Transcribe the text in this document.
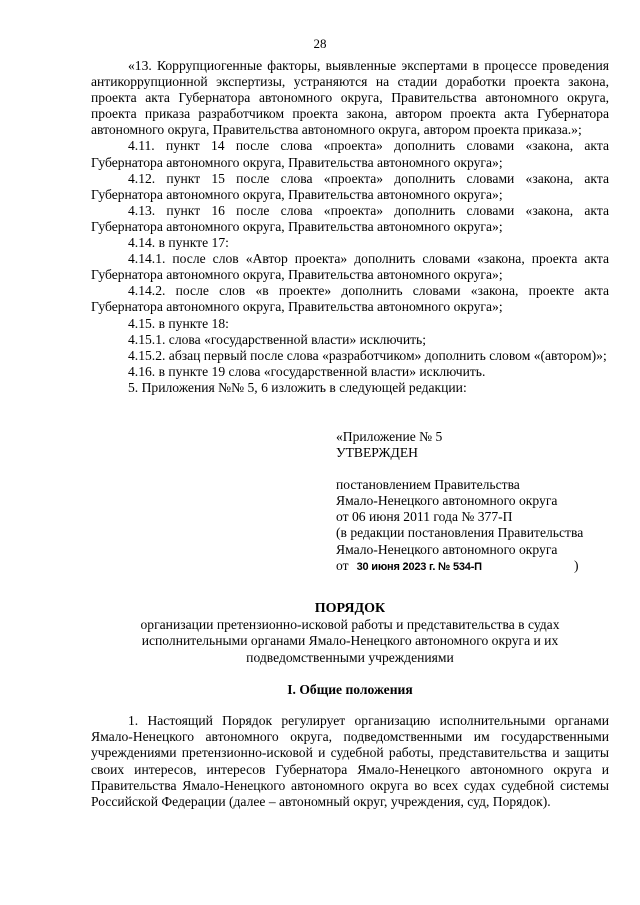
28

«13. Коррупциогенные факторы, выявленные экспертами в процессе проведения антикоррупционной экспертизы, устраняются на стадии доработки проекта закона, проекта акта Губернатора автономного округа, Правительства автономного округа, проекта приказа разработчиком проекта закона, автором проекта акта Губернатора автономного округа, Правительства автономного округа, автором проекта приказа.»;

4.11. пункт 14 после слова «проекта» дополнить словами «закона, акта Губернатора автономного округа, Правительства автономного округа»;

4.12. пункт 15 после слова «проекта» дополнить словами «закона, акта Губернатора автономного округа, Правительства автономного округа»;

4.13. пункт 16 после слова «проекта» дополнить словами «закона, акта Губернатора автономного округа, Правительства автономного округа»;

4.14. в пункте 17:

4.14.1. после слов «Автор проекта» дополнить словами «закона, проекта акта Губернатора автономного округа, Правительства автономного округа»;

4.14.2. после слов «в проекте» дополнить словами «закона, проекте акта Губернатора автономного округа, Правительства автономного округа»;

4.15. в пункте 18:

4.15.1. слова «государственной власти» исключить;

4.15.2. абзац первый после слова «разработчиком» дополнить словом «(автором)»;

4.16. в пункте 19 слова «государственной власти» исключить.

5. Приложения №№ 5, 6 изложить в следующей редакции:

«Приложение № 5
УТВЕРЖДЕН
постановлением Правительства
Ямало-Ненецкого автономного округа
от 06 июня 2011 года № 377-П
(в редакции постановления Правительства
Ямало-Ненецкого автономного округа
от 30 июня 2023 г. № 534-П	)
ПОРЯДОК
организации претензионно-исковой работы и представительства в судах исполнительными органами Ямало-Ненецкого автономного округа и их подведомственными учреждениями
I. Общие положения

1. Настоящий Порядок регулирует организацию исполнительными органами Ямало-Ненецкого автономного округа, подведомственными им государственными учреждениями претензионно-исковой и судебной работы, представительства и защиты своих интересов, интересов Губернатора Ямало-Ненецкого автономного округа и Правительства Ямало-Ненецкого автономного округа во всех судах судебной системы Российской Федерации (далее – автономный округ, учреждения, суд, Порядок).
